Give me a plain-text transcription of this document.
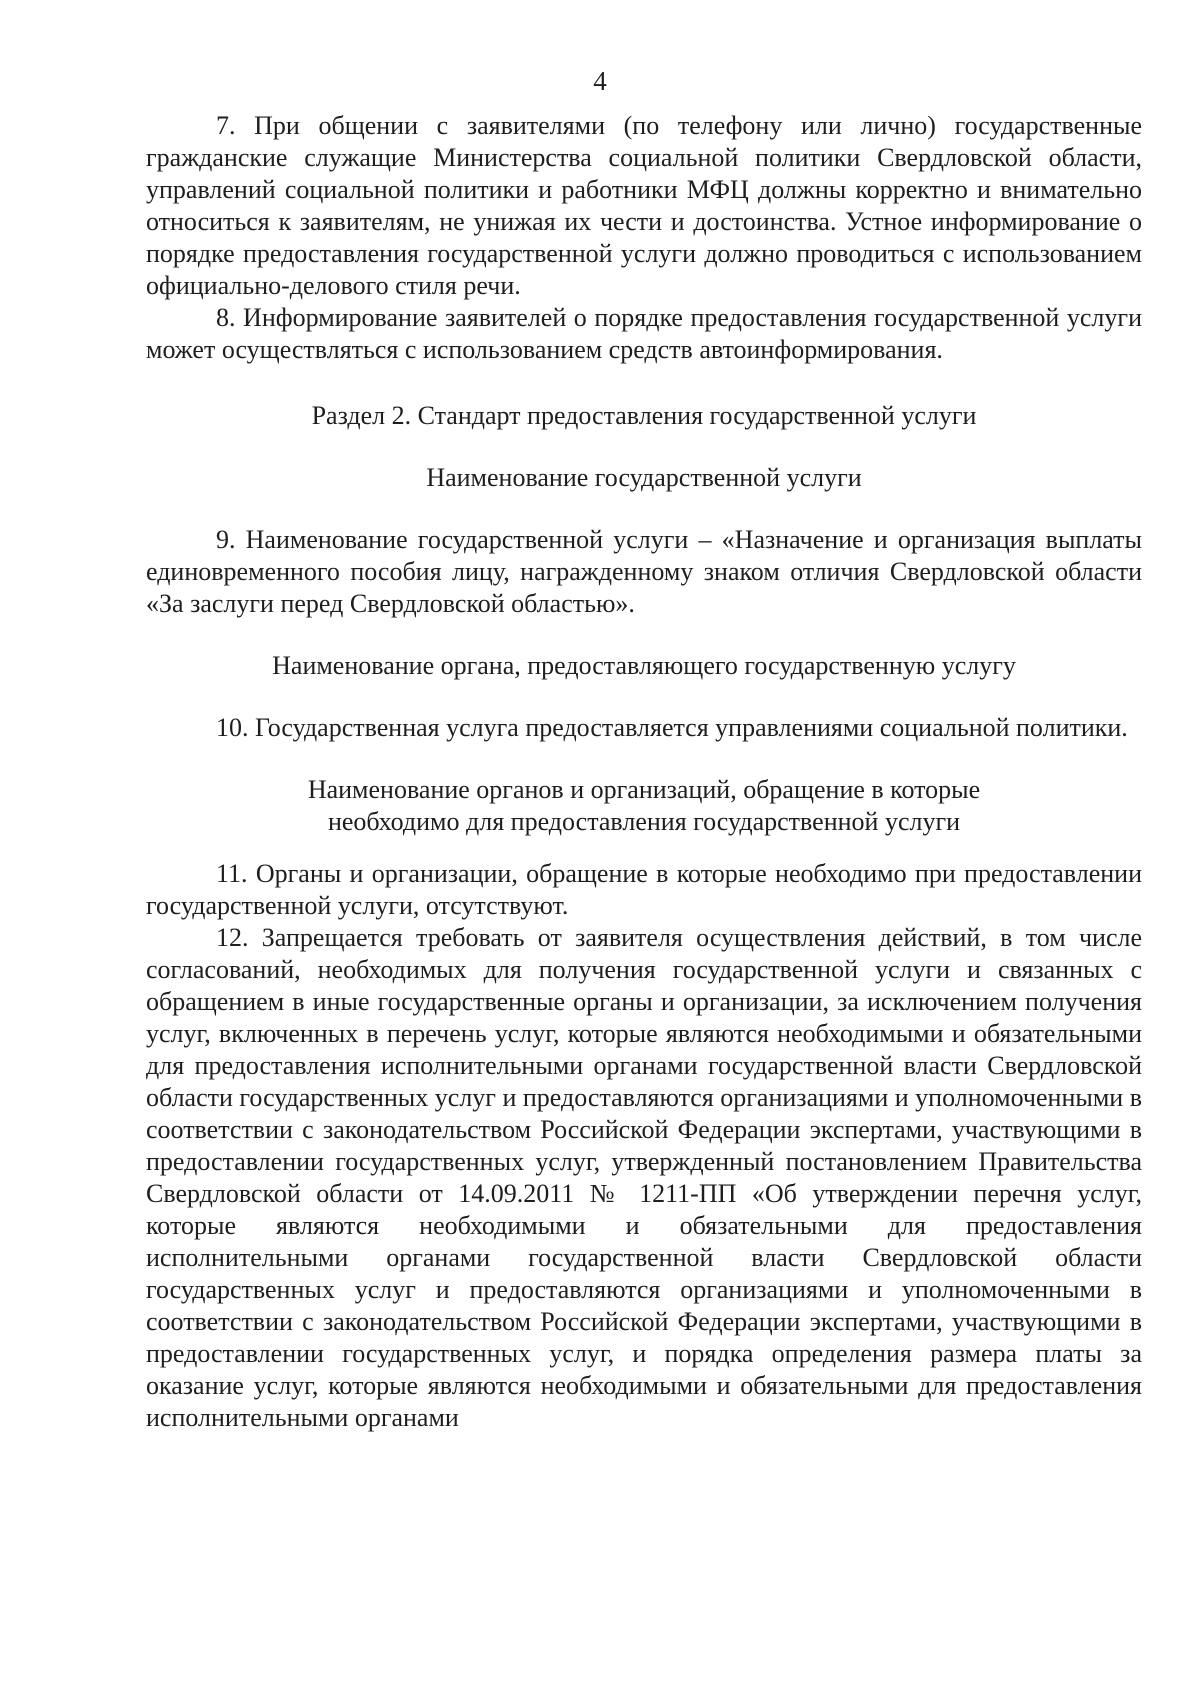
4

7. При общении с заявителями (по телефону или лично) государственные гражданские служащие Министерства социальной политики Свердловской области, управлений социальной политики и работники МФЦ должны корректно и внимательно относиться к заявителям, не унижая их чести и достоинства. Устное информирование о порядке предоставления государственной услуги должно проводиться с использованием официально-делового стиля речи.

8. Информирование заявителей о порядке предоставления государственной услуги может осуществляться с использованием средств автоинформирования.

Раздел 2. Стандарт предоставления государственной услуги

Наименование государственной услуги

9. Наименование государственной услуги – «Назначение и организация выплаты единовременного пособия лицу, награжденному знаком отличия Свердловской области «За заслуги перед Свердловской областью».

Наименование органа, предоставляющего государственную услугу

10. Государственная услуга предоставляется управлениями социальной политики.

Наименование органов и организаций, обращение в которые
необходимо для предоставления государственной услуги

11. Органы и организации, обращение в которые необходимо при предоставлении государственной услуги, отсутствуют.

12. Запрещается требовать от заявителя осуществления действий, в том числе согласований, необходимых для получения государственной услуги и связанных с обращением в иные государственные органы и организации, за исключением получения услуг, включенных в перечень услуг, которые являются необходимыми и обязательными для предоставления исполнительными органами государственной власти Свердловской области государственных услуг и предоставляются организациями и уполномоченными в соответствии с законодательством Российской Федерации экспертами, участвующими в предоставлении государственных услуг, утвержденный постановлением Правительства Свердловской области от 14.09.2011 № 1211-ПП «Об утверждении перечня услуг, которые являются необходимыми и обязательными для предоставления исполнительными органами государственной власти Свердловской области государственных услуг и предоставляются организациями и уполномоченными в соответствии с законодательством Российской Федерации экспертами, участвующими в предоставлении государственных услуг, и порядка определения размера платы за оказание услуг, которые являются необходимыми и обязательными для предоставления исполнительными органами
